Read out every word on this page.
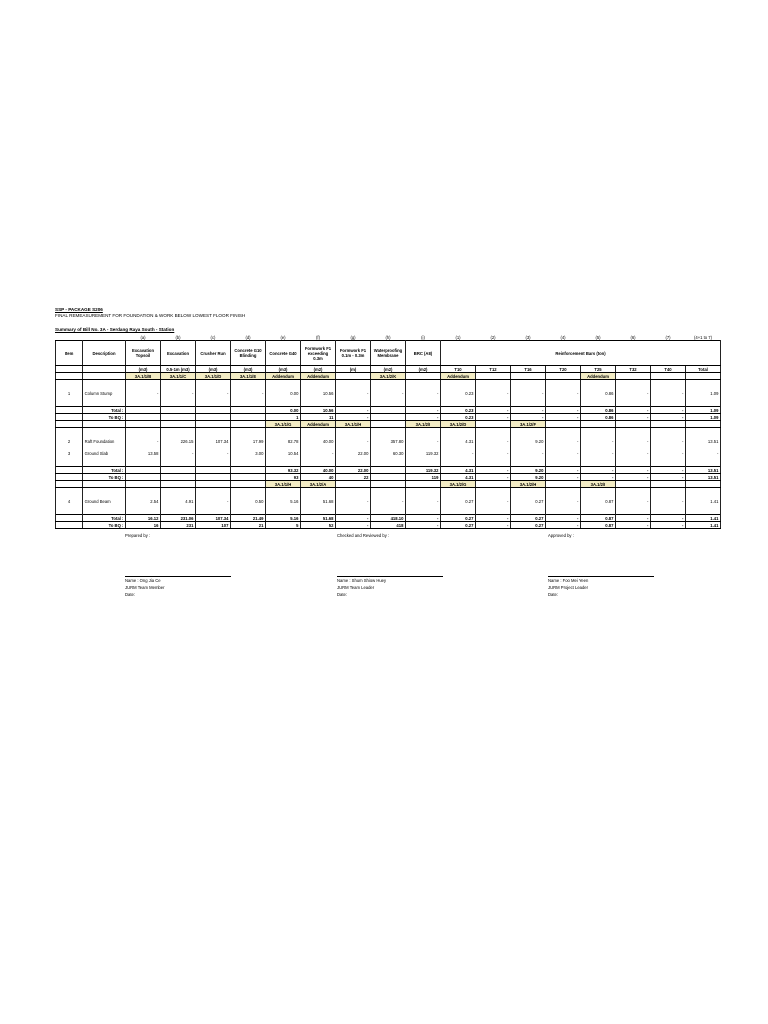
SSP - PACKAGE S206
FINAL REMEASUREMENT FOR FOUNDATION & WORK BELOW LOWEST FLOOR FINISH
Summary of Bill No. 3A - Serdang Raya South - Station
		(a)	(b)	(c)	(d)	(e)	(f)	(g)	(h)	(i)	(1)	(2)	(3)	(4)	(5)	(6)	(7)	(4+1 to 7)
Item	Description	Excavation Topsoil	Excavation	Crusher Run	Concrete G10 Blinding	Concrete G40	Formwork F1 exceeding 0.3m	Formwork F1 0.1m - 0.3m	Waterproofing Membrane	BRC (A8)	Reinforcement Bars (ton)							
		(m3)	0.5-1m (m3)	(m3)	(m3)	(m3)	(m2)	(m)	(m2)	(m2)	T10	T12	T16	T20	T25	T32	T40	Total
		3A.1/1/B	3A.1/1/C	3A.1/1/D	3A.1/1/E	Addendum	Addendum		3A.1/2/K		Addendum				Addendum			

1	Column Stump	-	-	-	-	0.00	10.56	-	-	-	0.23	-	-	-	0.86	-	-	1.09

	Total :					0.00	10.56	-		-	0.23	-	-	-	0.86	-	-	1.09
	To BQ :					1	11	-		-	0.23	-	-	-	0.86	-	-	1.09
						3A.1/1/G	Addendum	3A.1/1/H		3A.1/2/I	3A.1/2/D		3A.1/2/F					

2	Raft Foundation	-	226.15	107.34	17.99	82.78	40.00	-	357.80	-	4.31	-	9.20	-	-	-	-	13.51
3	Ground Slab	13.58	-	-	3.00	10.54	-	22.00	60.30	119.32	-	-	-	-	-	-	-	-

	Total :					93.32	40.00	22.00		119.32	4.31	-	9.20	-	-	-	-	13.51
	To BQ :					93	40	22		119	4.31	-	9.20	-	-	-	-	13.51
						3A.1/1/H	3A.1/2/A				3A.1/2/G		3A.1/2/H		3A.1/2/I			

4	Ground Beam	2.54	4.91	-	0.50	5.16	51.68	-	-	-	0.27	-	0.27	-	0.87	-	-	1.41

	Total :	16.12	231.06	107.34	21.49	5.16	51.68	-	418.10	-	0.27	-	0.27	-	0.87	-	-	1.41
	To BQ :	16	231	107	21	5	52	-	418	-	0.27	-	0.27	-	0.87	-	-	1.41
Prepared by :
Name : Ong Jia Ce
JURM Team Member
Date:
Checked and Reviewed by :
Name : Shum Shiow Huey
JURM Team Leader
Date:
Approved by :
Name : Foo Mei Yeen
JURM Project Leader
Date:
